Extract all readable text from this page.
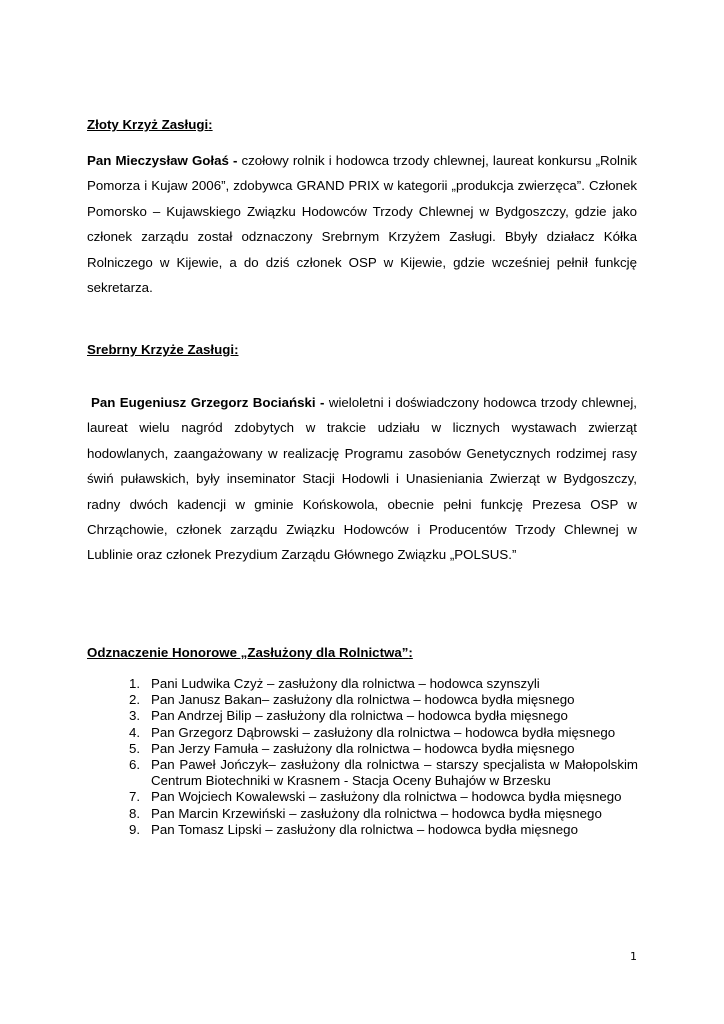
Złoty Krzyż Zasługi:
Pan Mieczysław Gołaś - czołowy rolnik i hodowca trzody chlewnej, laureat konkursu „Rolnik Pomorza i Kujaw 2006”, zdobywca GRAND PRIX w kategorii „produkcja zwierzęca”. Członek Pomorsko – Kujawskiego Związku Hodowców Trzody Chlewnej w Bydgoszczy, gdzie jako członek zarządu został odznaczony Srebrnym Krzyżem Zasługi. Bbyły działacz Kółka Rolniczego w Kijewie, a do dziś członek OSP w Kijewie, gdzie wcześniej pełnił funkcję sekretarza.
Srebrny Krzyże Zasługi:
Pan Eugeniusz Grzegorz Bociański - wieloletni i doświadczony hodowca trzody chlewnej, laureat wielu nagród zdobytych w trakcie udziału w licznych wystawach zwierząt hodowlanych, zaangażowany w realizację Programu zasobów Genetycznych rodzimej rasy świń puławskich, były inseminator Stacji Hodowli i Unasieniania Zwierząt w Bydgoszczy, radny dwóch kadencji w gminie Końskowola, obecnie pełni funkcję Prezesa OSP w Chrząchowie, członek zarządu Związku Hodowców i Producentów Trzody Chlewnej w Lublinie oraz członek Prezydium Zarządu Głównego Związku „POLSUS.”
Odznaczenie Honorowe „Zasłużony dla Rolnictwa”:
1. Pani Ludwika Czyż – zasłużony dla rolnictwa – hodowca szynszyli
2. Pan Janusz Bakan– zasłużony dla rolnictwa – hodowca bydła mięsnego
3. Pan Andrzej Bilip – zasłużony dla rolnictwa – hodowca bydła mięsnego
4. Pan Grzegorz Dąbrowski – zasłużony dla rolnictwa – hodowca bydła mięsnego
5. Pan Jerzy Famuła – zasłużony dla rolnictwa – hodowca bydła mięsnego
6. Pan Paweł Jończyk– zasłużony dla rolnictwa – starszy specjalista w Małopolskim Centrum Biotechniki w Krasnem - Stacja Oceny Buhajów w Brzesku
7. Pan Wojciech Kowalewski – zasłużony dla rolnictwa – hodowca bydła mięsnego
8. Pan Marcin Krzewiński – zasłużony dla rolnictwa – hodowca bydła mięsnego
9. Pan Tomasz Lipski – zasłużony dla rolnictwa – hodowca bydła mięsnego
1
